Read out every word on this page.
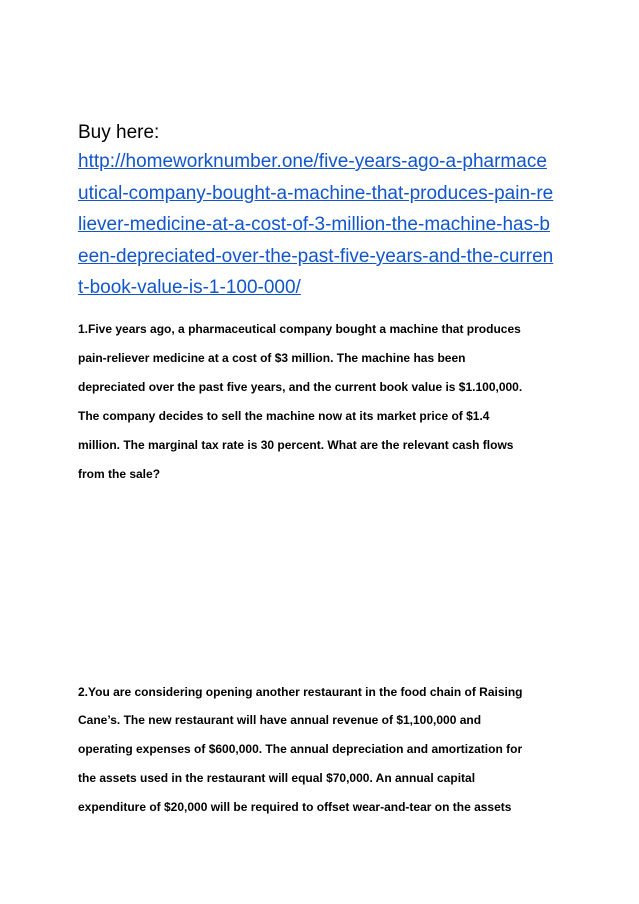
Buy here:

http://homeworknumber.one/five-years-ago-a-pharmace
utical-company-bought-a-machine-that-produces-pain-re
liever-medicine-at-a-cost-of-3-million-the-machine-has-b
een-depreciated-over-the-past-five-years-and-the-curren
t-book-value-is-1-100-000/

1.Five years ago, a pharmaceutical company bought a machine that produces

pain-reliever medicine at a cost of $3 million. The machine has been

depreciated over the past five years, and the current book value is $1.100,000.

The company decides to sell the machine now at its market price of $1.4

million. The marginal tax rate is 30 percent. What are the relevant cash flows

from the sale?

2.You are considering opening another restaurant in the food chain of Raising

Cane’s. The new restaurant will have annual revenue of $1,100,000 and

operating expenses of $600,000. The annual depreciation and amortization for

the assets used in the restaurant will equal $70,000. An annual capital

expenditure of $20,000 will be required to offset wear-and-tear on the assets
